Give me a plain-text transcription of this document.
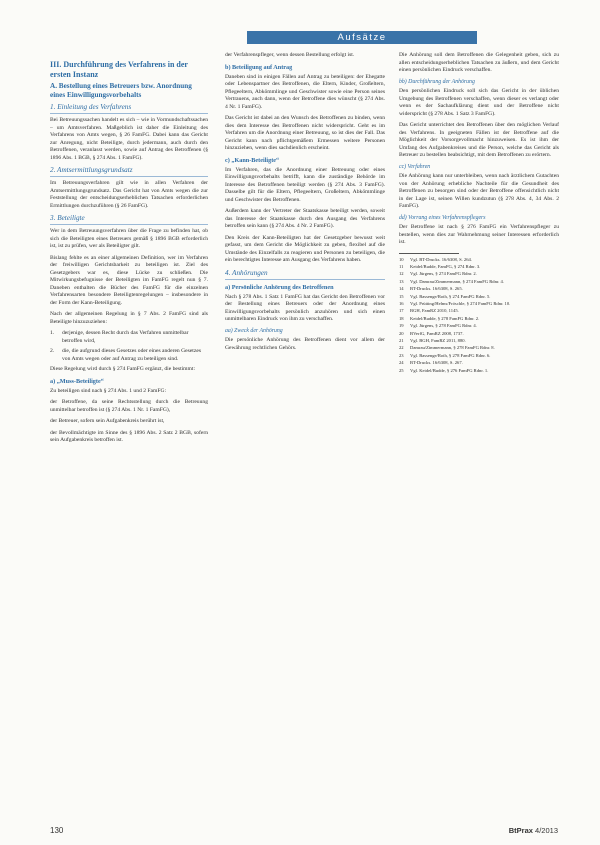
Aufsätze
III. Durchführung des Verfahrens in der ersten Instanz
A. Bestellung eines Betreuers bzw. Anordnung eines Einwilligungsvorbehalts
1. Einleitung des Verfahrens

Bei Betreuungssachen handelt es sich – wie in Vormundschaftssachen – um Amtsverfahren. Maßgeblich ist daher die Einleitung des Verfahrens von Amts wegen, § 26 FamFG. Dabei kann das Gericht zur Anregung, nicht Beteiligte, durch jedermann, auch durch den Betroffenen, veranlasst werden, sowie auf Antrag des Betroffenen (§ 1896 Abs. 1 BGB, § 274 Abs. 1 FamFG).

2. Amtsermittlungsgrundsatz

Im Betreuungsverfahren gilt wie in allen Verfahren der Amtsermittlungsgrundsatz. Das Gericht hat von Amts wegen die zur Feststellung der entscheidungserheblichen Tatsachen erforderlichen Ermittlungen durchzuführen (§ 26 FamFG).

3. Beteiligte

Wer in dem Betreuungsverfahren über die Frage zu befinden hat, ob sich die Beteiligten eines Betreuers gemäß § 1896 BGB erforderlich ist, ist zu prüfen, wer als Beteiligter gilt.

Bislang fehlte es an einer allgemeinen Definition, wer im Verfahren der freiwilligen Gerichtsbarkeit zu beteiligen ist. Ziel des Gesetzgebers war es, diese Lücke zu schließen. Die Mitwirkungsbefugnisse der Beteiligten im FamFG regelt nun § 7. Daneben enthalten die Bücher des FamFG für die einzelnen Verfahrensarten besondere Beteiligtenregelungen – insbesondere in der Form der Kann-Beteiligung.

Nach der allgemeinen Regelung in § 7 Abs. 2 FamFG sind als Beteiligte hinzuzuziehen:

1.	derjenige, dessen Recht durch das Verfahren unmittelbar betroffen wird,
2.	die, die aufgrund dieses Gesetzes oder eines anderen Gesetzes von Amts wegen oder auf Antrag zu beteiligen sind.

Diese Regelung wird durch § 274 FamFG ergänzt, die bestimmt:

a) „Muss-Beteiligte“

Zu beteiligen sind nach § 274 Abs. 1 und 2 FamFG:

der Betroffene, da seine Rechtsstellung durch die Betreuung unmittelbar betroffen ist (§ 274 Abs. 1 Nr. 1 FamFG),

der Betreuer, sofern sein Aufgabenkreis berührt ist,

der Bevollmächtigte im Sinne des § 1896 Abs. 2 Satz 2 BGB, sofern sein Aufgabenkreis betroffen ist.

der Verfahrenspfleger, wenn dessen Bestellung erfolgt ist.

b) Beteiligung auf Antrag

Daneben sind in einigen Fällen auf Antrag zu beteiligen: der Ehegatte oder Lebenspartner des Betroffenen, die Eltern, Kinder, Großeltern, Pflegeeltern, Abkömmlinge und Geschwister sowie eine Person seines Vertrauens, auch dann, wenn der Betroffene dies wünscht (§ 274 Abs. 4 Nr. 1 FamFG).

Das Gericht ist dabei an den Wunsch des Betroffenen zu binden, wenn dies dem Interesse des Betroffenen nicht widerspricht. Geht es im Verfahren um die Anordnung einer Betreuung, so ist dies der Fall. Das Gericht kann nach pflichtgemäßem Ermessen weitere Personen hinzuziehen, wenn dies sachdienlich erscheint.

c) „Kann-Beteiligte“

Im Verfahren, das die Anordnung einer Betreuung oder eines Einwilligungsvorbehalts betrifft, kann die zuständige Behörde im Interesse des Betroffenen beteiligt werden (§ 274 Abs. 3 FamFG). Dasselbe gilt für die Eltern, Pflegeeltern, Großeltern, Abkömmlinge und Geschwister des Betroffenen.

Außerdem kann der Vertreter der Staatskasse beteiligt werden, soweit das Interesse der Staatskasse durch den Ausgang des Verfahrens betroffen sein kann (§ 274 Abs. 4 Nr. 2 FamFG).

Den Kreis der Kann-Beteiligten hat der Gesetzgeber bewusst weit gefasst, um dem Gericht die Möglichkeit zu geben, flexibel auf die Umstände des Einzelfalls zu reagieren und Personen zu beteiligen, die ein berechtigtes Interesse am Ausgang des Verfahrens haben.

4. Anhörungen
a) Persönliche Anhörung des Betroffenen

Nach § 278 Abs. 1 Satz 1 FamFG hat das Gericht den Betroffenen vor der Bestellung eines Betreuers oder der Anordnung eines Einwilligungsvorbehalts persönlich anzuhören und sich einen unmittelbaren Eindruck von ihm zu verschaffen.

aa) Zweck der Anhörung

Die persönliche Anhörung des Betroffenen dient vor allem der Gewährung rechtlichen Gehörs.

Die Anhörung soll dem Betroffenen die Gelegenheit geben, sich zu allen entscheidungserheblichen Tatsachen zu äußern, und dem Gericht einen persönlichen Eindruck verschaffen.

bb) Durchführung der Anhörung

Den persönlichen Eindruck soll sich das Gericht in der üblichen Umgebung des Betroffenen verschaffen, wenn dieser es verlangt oder wenn es der Sachaufklärung dient und der Betroffene nicht widerspricht (§ 278 Abs. 1 Satz 3 FamFG).

Das Gericht unterrichtet den Betroffenen über den möglichen Verlauf des Verfahrens. In geeigneten Fällen ist der Betroffene auf die Möglichkeit der Vorsorgevollmacht hinzuweisen. Es ist ihm der Umfang des Aufgabenkreises und die Person, welche das Gericht als Betreuer zu bestellen beabsichtigt, mit dem Betroffenen zu erörtern.

cc) Verfahren

Die Anhörung kann nur unterbleiben, wenn nach ärztlichem Gutachten von der Anhörung erhebliche Nachteile für die Gesundheit des Betroffenen zu besorgen sind oder der Betroffene offensichtlich nicht in der Lage ist, seinen Willen kundzutun (§ 278 Abs. 4, 34 Abs. 2 FamFG).

dd) Vorrang eines Verfahrenspflegers

Der Betroffene ist nach § 276 FamFG ein Verfahrenspfleger zu bestellen, wenn dies zur Wahrnehmung seiner Interessen erforderlich ist.

10	Vgl. BT-Drucks. 16/6308, S. 264.
11	Keidel/Budde, FamFG, § 274 Rdnr. 3.
12	Vgl. Jürgens, § 274 FamFG Rdnr. 2.
13	Vgl. Damrau/Zimmermann, § 274 FamFG Rdnr. 4.
14	BT-Drucks. 16/6308, S. 265.
15	Vgl. Bassenge/Roth, § 274 FamFG Rdnr. 5.
16	Vgl. Prütting/Helms/Fröschle, § 274 FamFG Rdnr. 10.
17	BGH, FamRZ 2010, 1145.
18	Keidel/Budde, § 278 FamFG Rdnr. 2.
19	Vgl. Jürgens, § 278 FamFG Rdnr. 4.
20	BVerfG, FamRZ 2008, 1737.
21	Vgl. BGH, FamRZ 2011, 880.
22	Damrau/Zimmermann, § 278 FamFG Rdnr. 8.
23	Vgl. Bassenge/Roth, § 278 FamFG Rdnr. 6.
24	BT-Drucks. 16/6308, S. 267.
25	Vgl. Keidel/Budde, § 276 FamFG Rdnr. 1.
130	BtPrax 4/2013
